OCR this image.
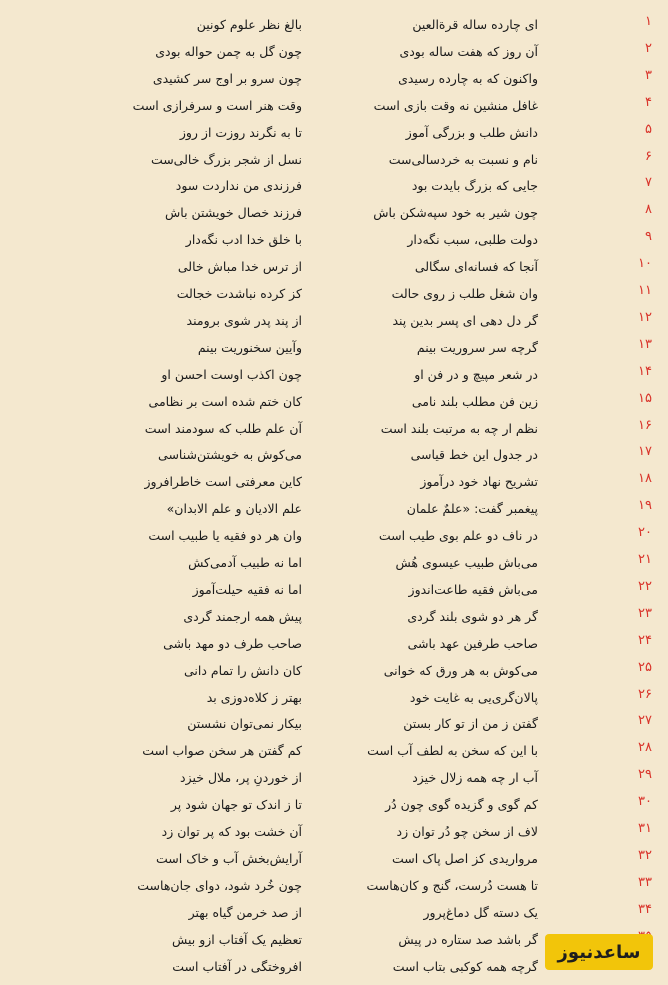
۱
ای چارده ساله قرةالعین
بالغ نظر علوم کونین
۲
آن روز که هفت ساله بودی
چون گل به چمن حواله بودی
۳
واکنون که به چارده رسیدی
چون سرو بر اوج سر کشیدی
۴
غافل منشین نه وقت بازی است
وقت هنر است و سرفرازی است
۵
دانش طلب و بزرگی آموز
تا به نگرند روزت از روز
۶
نام و نسبت به خردسالی‌ست
نسل از شجر بزرگ خالی‌ست
۷
جایی که بزرگ بایدت بود
فرزندی من نداردت سود
۸
چون شیر به خود سپه‌شکن باش
فرزند خصال خویشتن باش
۹
دولت طلبی، سبب نگه‌دار
با خلق خدا ادب نگه‌دار
۱۰
آنجا که فسانه‌ای سگالی
از ترس خدا مباش خالی
۱۱
وان شغل طلب ز روی حالت
کز کرده نباشدت خجالت
۱۲
گر دل دهی ای پسر بدین پند
از پند پدر شوی برومند
۱۳
گرچه سر سروریت بینم
وآیین سخنوریت بینم
۱۴
در شعر مپیچ و در فن او
چون اکذب اوست احسن او
۱۵
زین فن مطلب بلند نامی
کان ختم شده است بر نظامی
۱۶
نظم ار چه به مرتبت بلند است
آن علم طلب که سودمند است
۱۷
در جدول این خط قیاسی
می‌کوش به خویشتن‌شناسی
۱۸
تشریح نهاد خود درآموز
کاین معرفتی است خاطرافروز
۱۹
پیغمبر گفت: «علمٌ علمان
علم الادیان و علم الابدان»
۲۰
در ناف دو علم بوی طیب است
وان هر دو فقیه یا طبیب است
۲۱
می‌باش طبیب عیسوی هُش
اما نه طبیب آدمی‌کش
۲۲
می‌باش فقیه طاعت‌اندوز
اما نه فقیه حیلت‌آموز
۲۳
گر هر دو شوی بلند گردی
پیش همه ارجمند گردی
۲۴
صاحب طرفین عهد باشی
صاحب طرف دو مهد باشی
۲۵
می‌کوش به هر ورق که خوانی
کان دانش را تمام دانی
۲۶
پالان‌گری‌یی به غایت خود
بهتر ز کلاه‌دوزی بد
۲۷
گفتن ز من از تو کار بستن
بیکار نمی‌توان نشستن
۲۸
با این که سخن به لطف آب است
کم گفتن هر سخن صواب است
۲۹
آب ار چه همه زلال خیزد
از خوردنِ پر، ملال خیزد
۳۰
کم گوی و گزیده گوی چون دُر
تا ز اندک تو جهان شود پر
۳۱
لاف از سخن چو دُر توان زد
آن خشت بود که پر توان زد
۳۲
مرواریدی کز اصل پاک است
آرایش‌بخش آب و خاک است
۳۳
تا هست دُرست، گنج و کان‌هاست
چون خُرد شود، دوای جان‌هاست
۳۴
یک دسته گل دماغ‌پرور
از صد خرمن گیاه بهتر
گر باشد صد ستاره در پیش
تعظیم یک آفتاب ازو بیش
گرچه همه کوکبی بتاب است
افروختگی در آفتاب است
ساعدنیوز
